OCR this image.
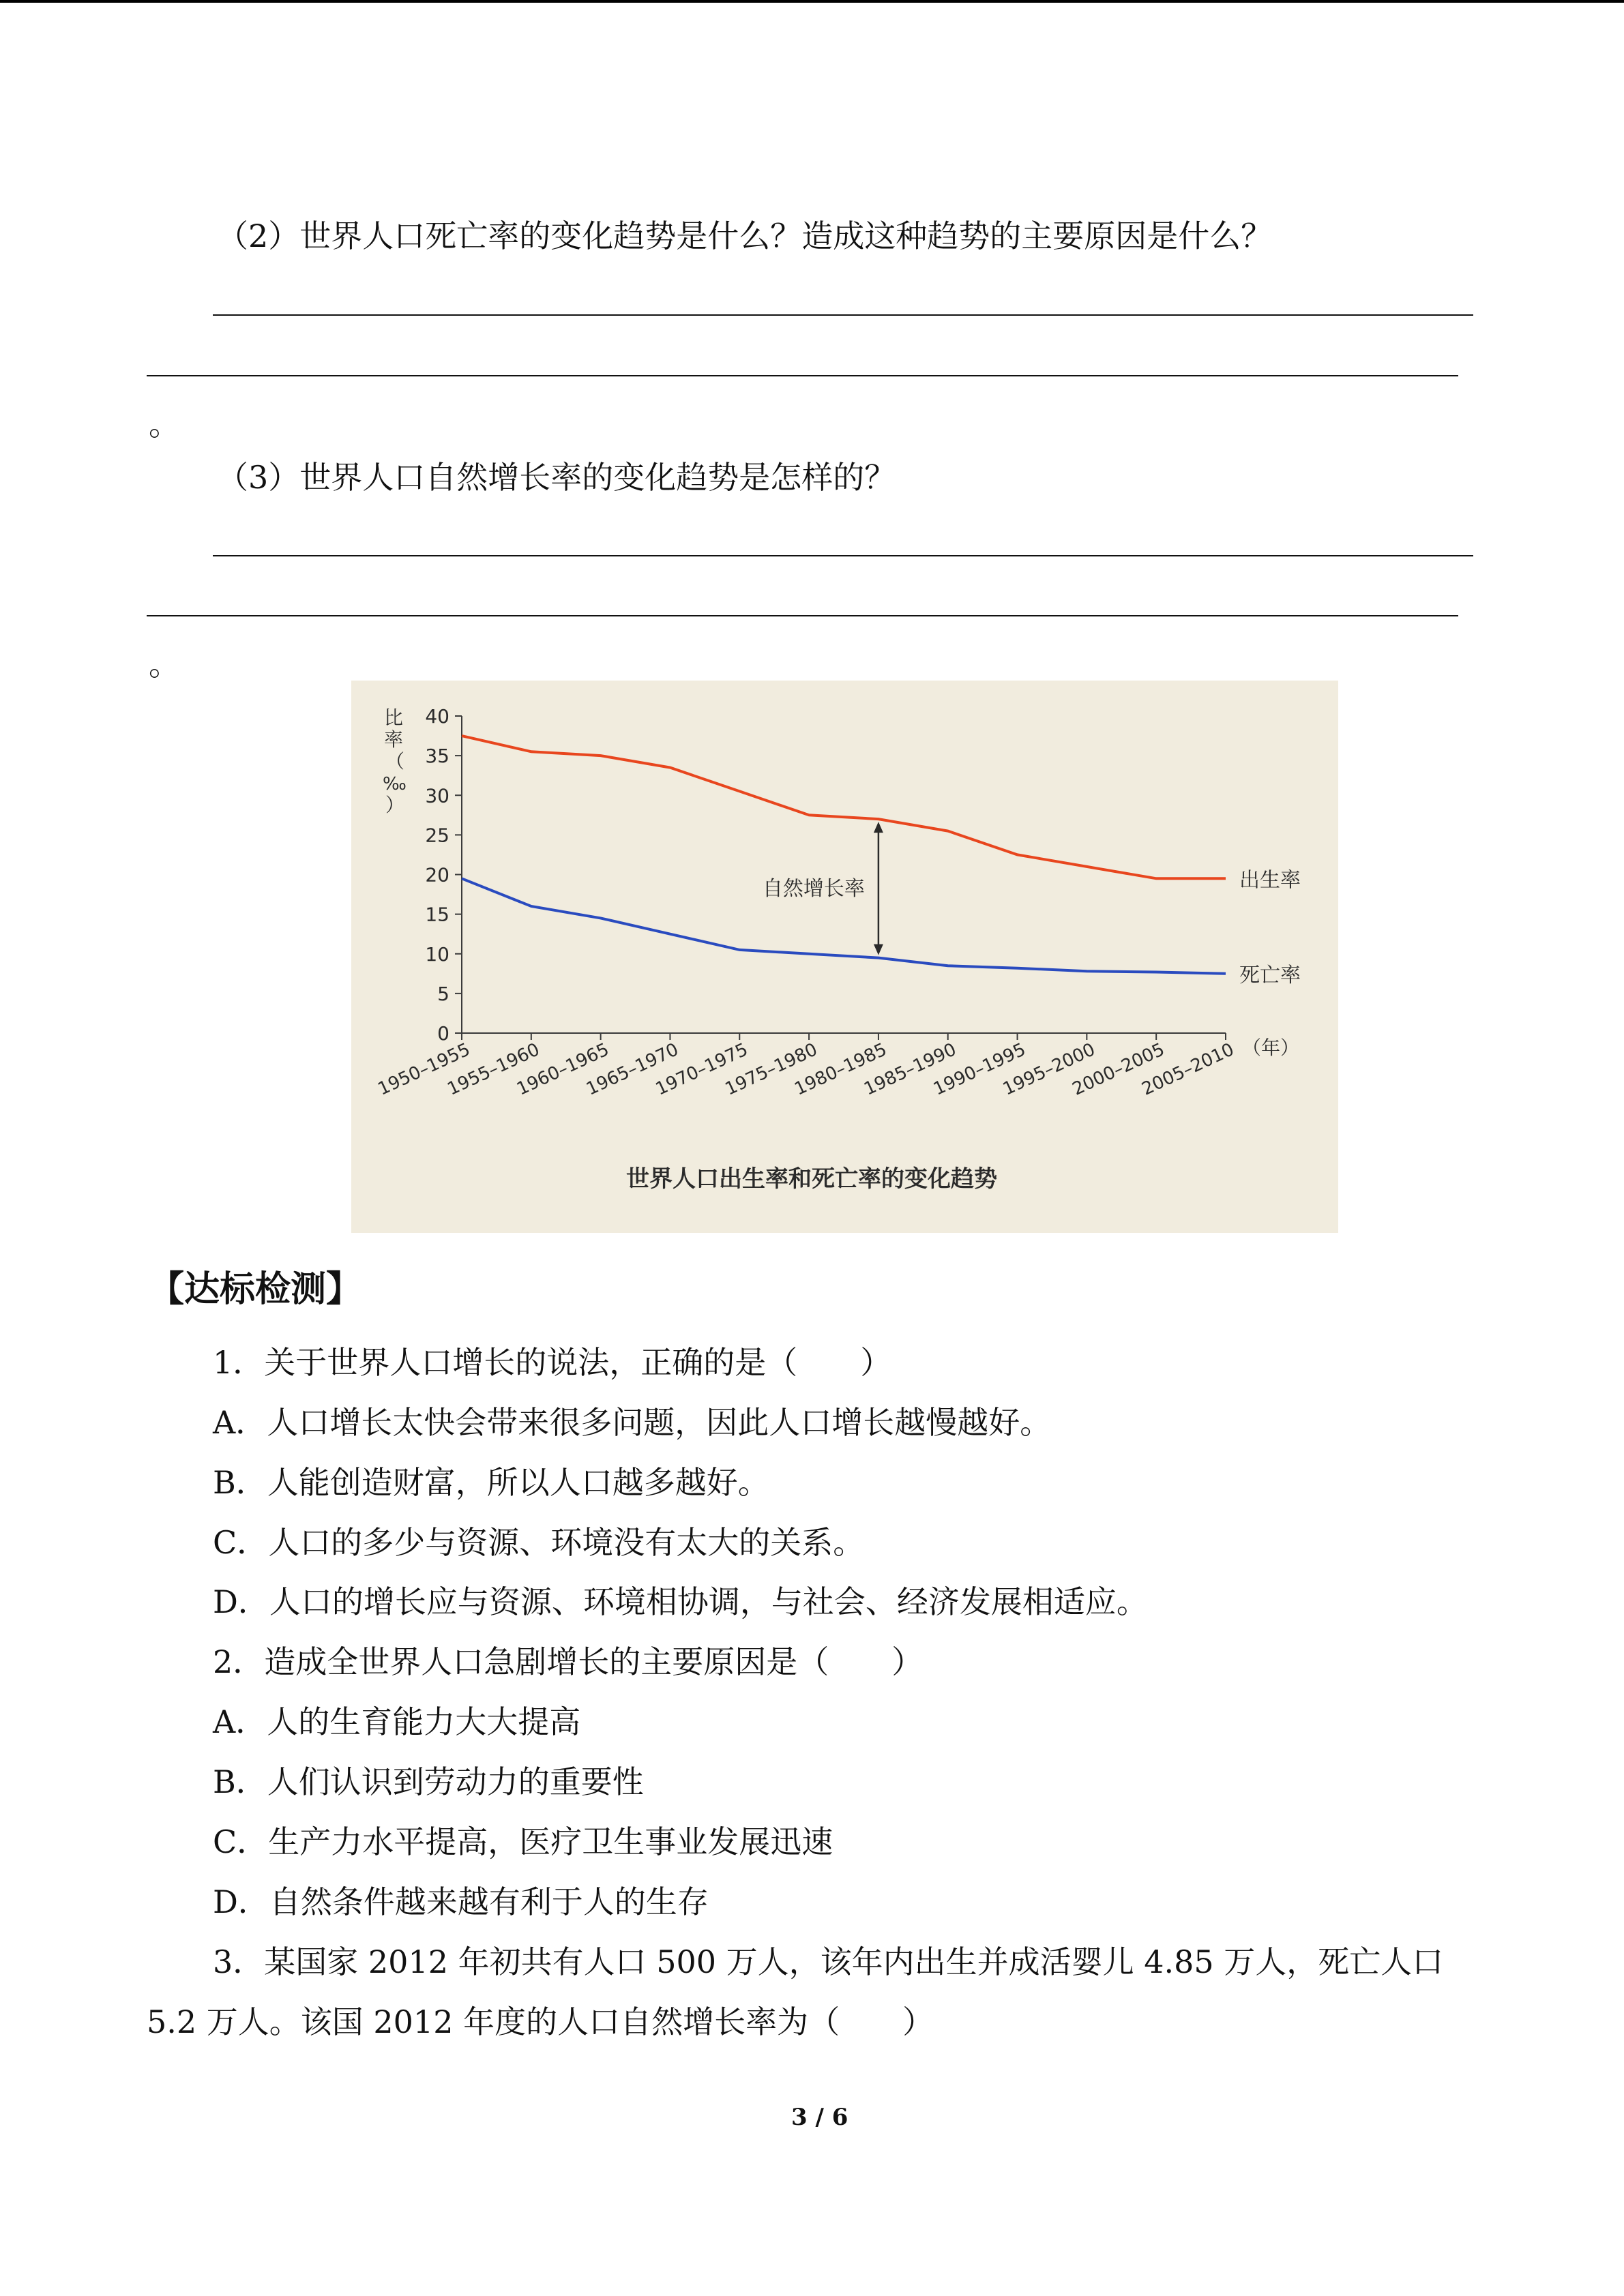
（2）世界人口死亡率的变化趋势是什么？造成这种趋势的主要原因是什么？
。
（3）世界人口自然增长率的变化趋势是怎样的？
。
0
5
10
15
20
25
30
35
40
1950–1955
1955–1960
1960–1965
1965–1970
1970–1975
1975–1980
1980–1985
1985–1990
1990–1995
1995–2000
2000–2005
2005–2010
比
率
（
‰
）
（年）
自然增长率	出生率
死亡率
世界人口出生率和死亡率的变化趋势
【达标检测】
1．关于世界人口增长的说法，正确的是（　　）
A．人口增长太快会带来很多问题，因此人口增长越慢越好。
B．人能创造财富，所以人口越多越好。
C．人口的多少与资源、环境没有太大的关系。
D．人口的增长应与资源、环境相协调，与社会、经济发展相适应。
2．造成全世界人口急剧增长的主要原因是（　　）
A．人的生育能力大大提高
B．人们认识到劳动力的重要性
C．生产力水平提高，医疗卫生事业发展迅速
D．自然条件越来越有利于人的生存
3．某国家 2012 年初共有人口 500 万人，该年内出生并成活婴儿 4.85 万人，死亡人口
5.2 万人。该国 2012 年度的人口自然增长率为（　　）
3 / 6
